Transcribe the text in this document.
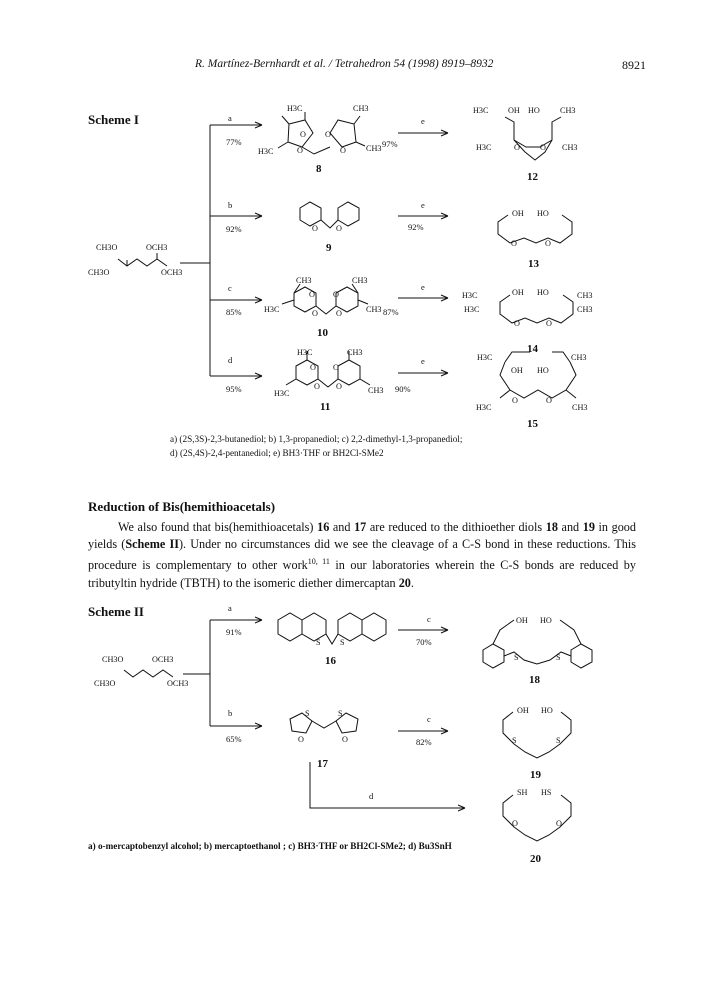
R. Martínez-Bernhardt et al. / Tetrahedron 54 (1998) 8919–8932	8921
Scheme I
CH3O	OCH3
CH3O	OCH3
a
77%
b
92%
c
85%
d
95%
e
97%
e
92%
e
87%
e
90%
H3C	CH3
H3C	CH3
O
O
O
O
O O
CH3
H3C
CH3
CH3
O
O
O
O
H3C	CH3
H3C	CH3
O
O
O
O
H3C OH HO CH3
H3C	O O CH3
OH HO
O	O
H3C
H3C
OH HO	CH3
CH3
O	O
H3C	CH3
OH HO
H3C	CH3
O	O
8
9
10
11
12
13
14
15
a) (2S,3S)-2,3-butanediol; b) 1,3-propanediol; c) 2,2-dimethyl-1,3-propanediol;
d) (2S,4S)-2,4-pentanediol; e) BH3·THF or BH2Cl-SMe2
Reduction of Bis(hemithioacetals)
We also found that bis(hemithioacetals) 16 and 17 are reduced to the dithioether diols 18 and 19 in good yields (Scheme II). Under no circumstances did we see the cleavage of a C-S bond in these reductions. This procedure is complementary to other work$^{10, 11}$ in our laboratories wherein the C-S bonds are reduced by tributyltin hydride (TBTH) to the isomeric diether dimercaptan 20.
Scheme II
CH3O	OCH3
CH3O	OCH3
S S
S	S
O	O
OH HO
S	S
OH HO
S	S
SH HS
O	O
a
91%
b
65%
c
70%
c
82%
d
16
17
18
19
20
a) o-mercaptobenzyl alcohol; b) mercaptoethanol ; c) BH3·THF or BH2Cl-SMe2; d) Bu3SnH
